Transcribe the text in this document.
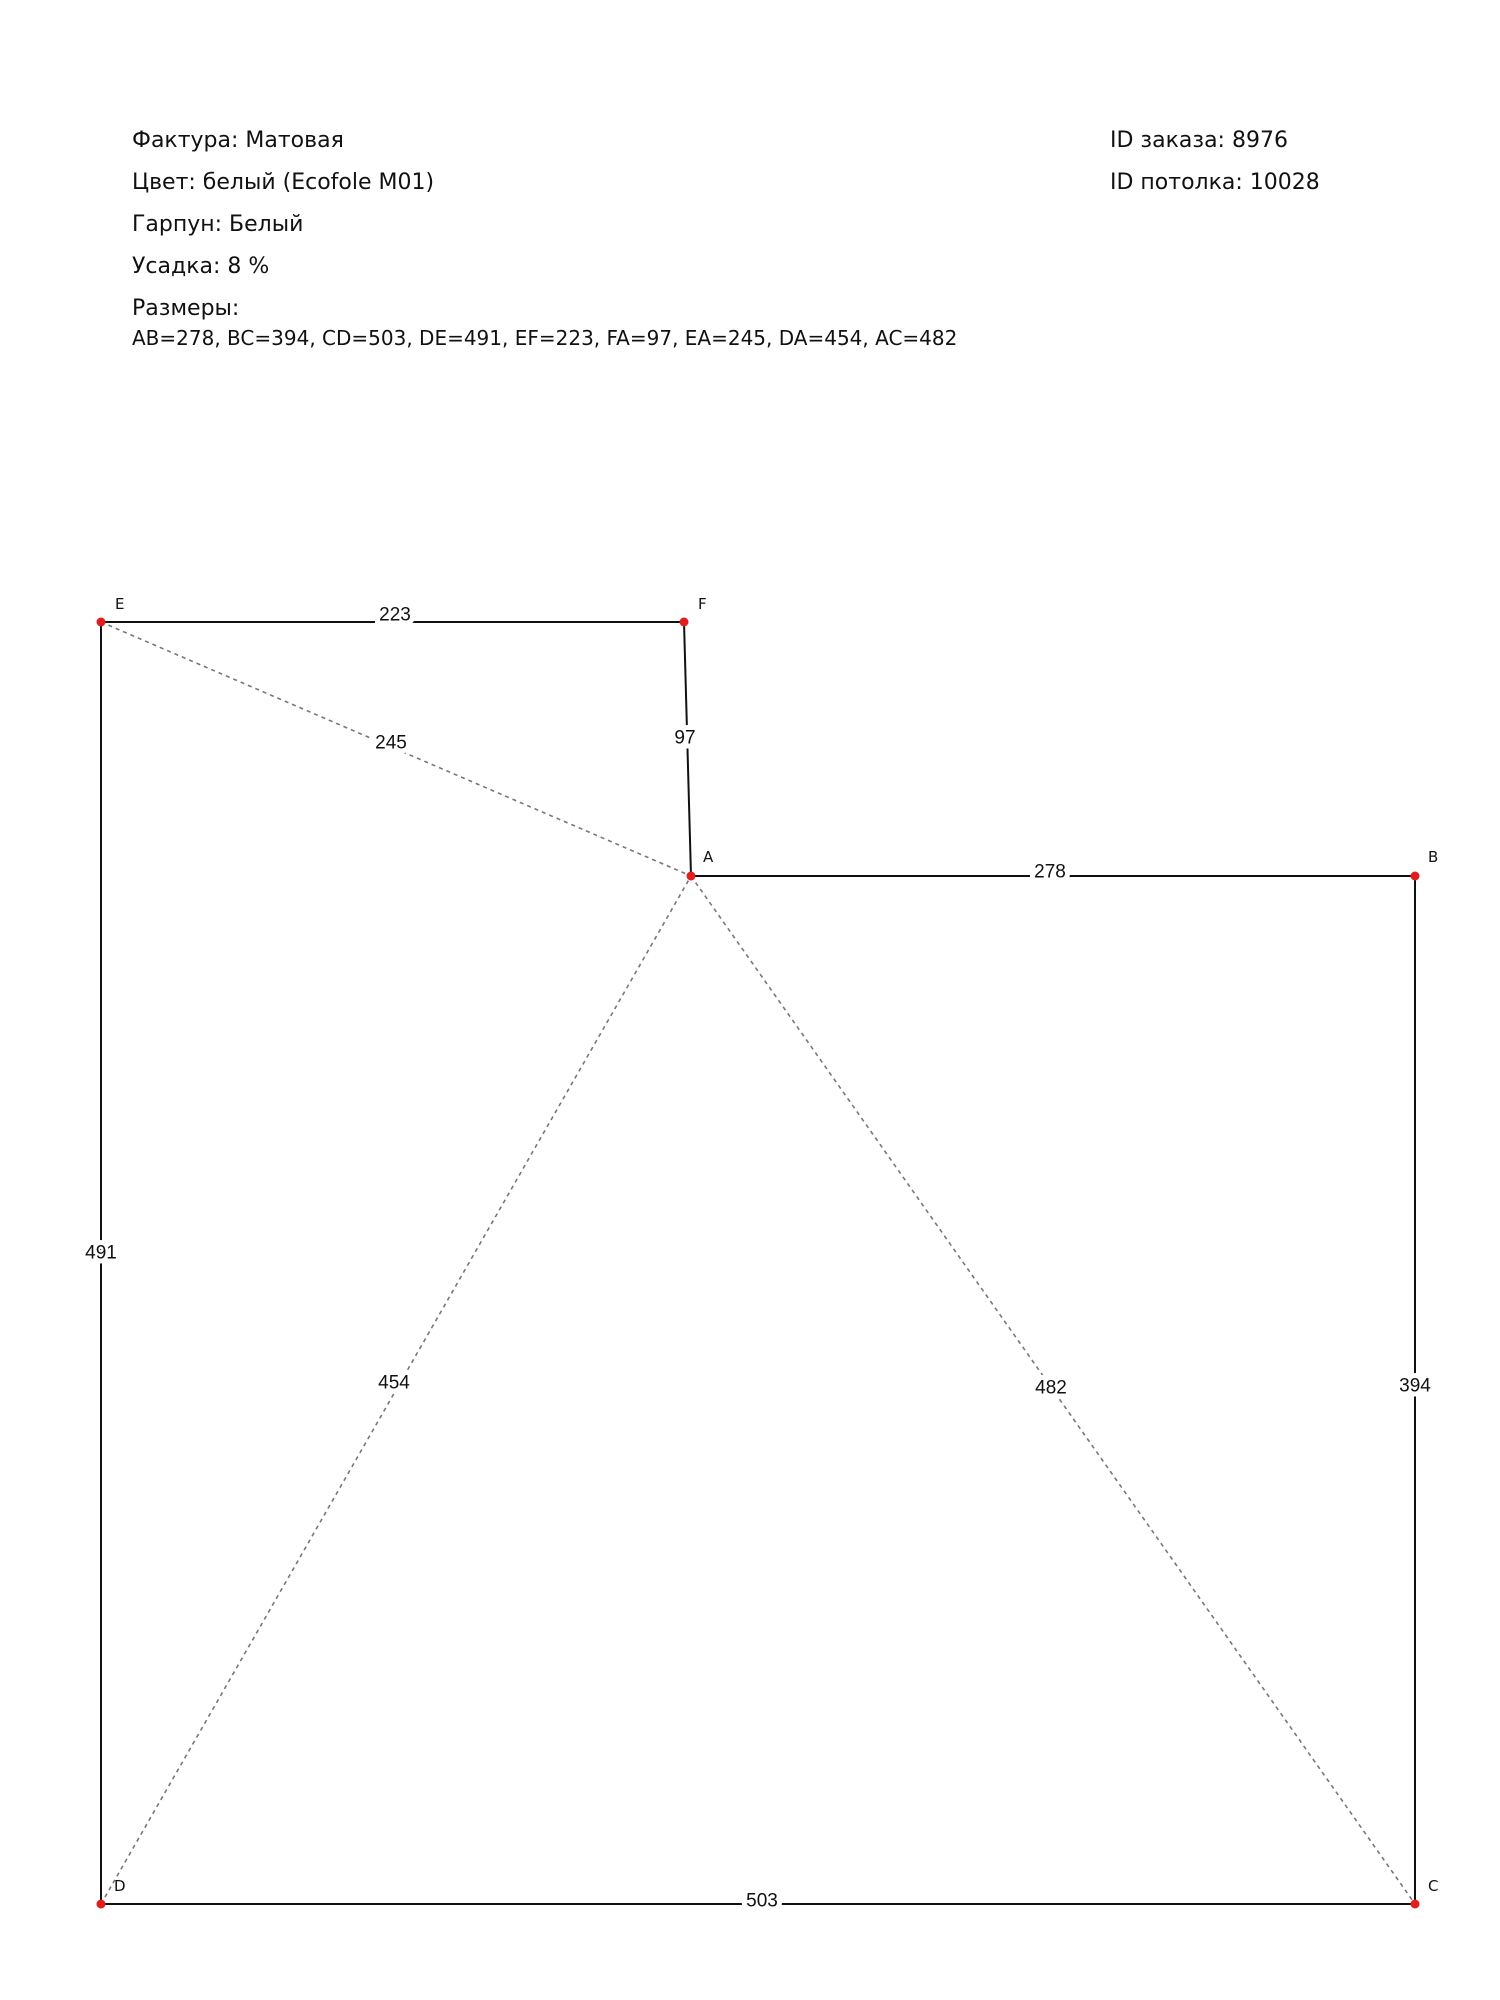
Фактура: Матовая
Цвет: белый (Ecofole M01)
Гарпун: Белый
Усадка: 8 %
Размеры:
AB=278, BC=394, CD=503, DE=491, EF=223, FA=97, EA=245, DA=454, AC=482
ID заказа: 8976
ID потолка: 10028
278
394
503
491
223
97
245
454	482
A	B
C
D
E	F
